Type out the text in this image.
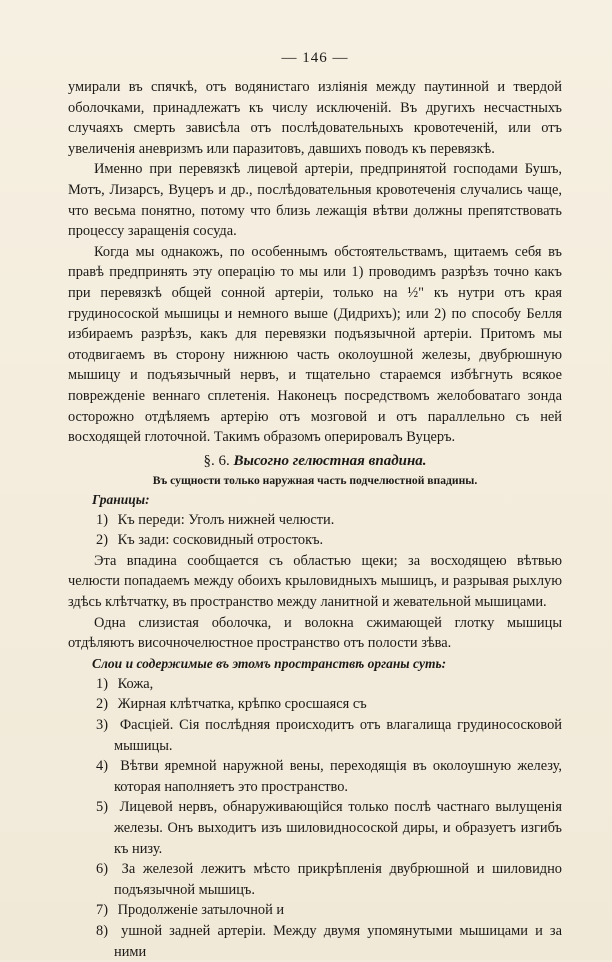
— 146 —

умирали въ спячкѣ, отъ водянистаго излiянiя между паутинной и твердой оболочками, принадлежатъ къ числу исключенiй. Въ другихъ несчастныхъ случаяхъ смерть зависѣла отъ послѣдовательныхъ кровотеченiй, или отъ увеличенiя аневризмъ или паразитовъ, давшихъ поводъ къ перевязкѣ.

Именно при перевязкѣ лицевой артерiи, предпринятой господами Бушъ, Мотъ, Лизарсъ, Вуцеръ и др., послѣдовательныя кровотеченiя случались чаще, что весьма понятно, потому что близь лежащiя вѣтви должны препятствовать процессу заращенiя сосуда.

Когда мы однакожъ, по особеннымъ обстоятельствамъ, щитаемъ себя въ правѣ предпринять эту операцiю то мы или 1) проводимъ разрѣзъ точно какъ при перевязкѣ общей сонной артерiи, только на ½" къ нутри отъ края грудиносоской мышицы и немного выше (Дидрихъ); или 2) по способу Белля избираемъ разрѣзъ, какъ для перевязки подъязычной артерiи. Притомъ мы отодвигаемъ въ сторону нижнюю часть околоушной железы, двубрюшную мышицу и подъязычный нервъ, и тщательно стараемся избѣгнуть всякое поврежденiе веннаго сплетенiя. Наконецъ посредствомъ желобоватаго зонда осторожно отдѣляемъ артерiю отъ мозговой и отъ параллельно съ ней восходящей глоточной. Такимъ образомъ оперировалъ Вуцеръ.

§. 6. Высогно гелюстная впадина.

Въ сущности только наружная часть подчелюстной впадины.

Границы:

1) Къ переди: Уголъ нижней челюсти.

2) Къ зади: сосковидный отростокъ.

Эта впадина сообщается съ областью щеки; за восходящею вѣтвью челюсти попадаемъ между обоихъ крыловидныхъ мышицъ, и разрывая рыхлую здѣсь клѣтчатку, въ пространство между ланитной и жевательной мышицами.

Одна слизистая оболочка, и волокна сжимающей глотку мышицы отдѣляютъ височночелюстное пространство отъ полости зѣва.

Слои и содержимые въ этомъ пространствѣ органы суть:

1) Кожа,

2) Жирная клѣтчатка, крѣпко сросшаяся съ

3) Фасцiей. Сiя послѣдняя происходитъ отъ влагалища грудинососковой мышицы.

4) Вѣтви яремной наружной вены, переходящiя въ околоушную железу, которая наполняетъ это пространство.

5) Лицевой нервъ, обнаруживающiйся только послѣ частнаго вылущенiя железы. Онъ выходитъ изъ шиловидносоской диры, и образуетъ изгибъ къ низу.

6) За железой лежитъ мѣсто прикрѣпленiя двубрюшной и шиловидно подъязычной мышицъ.

7) Продолженiе затылочной и

8) ушной задней артерiи. Между двумя упомянутыми мышицами и за ними
